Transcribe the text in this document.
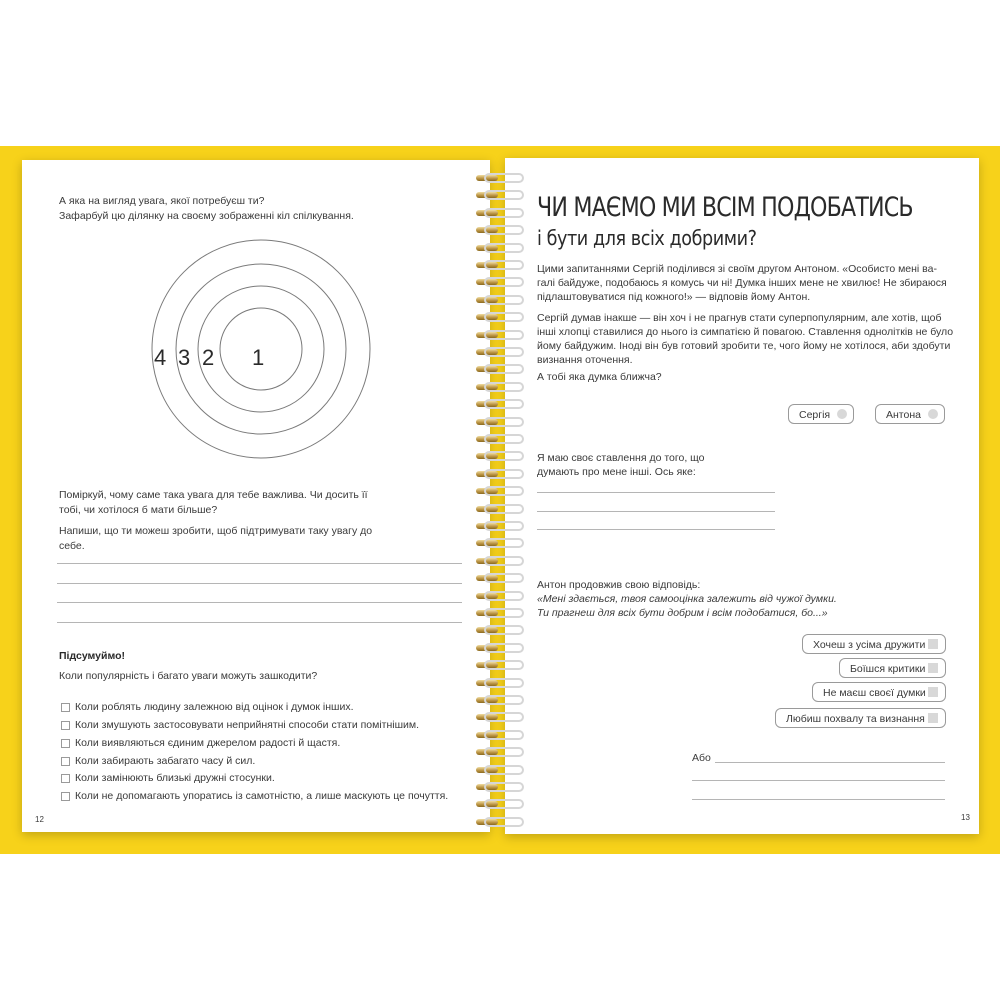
А яка на вигляд увага, якої потребуєш ти?
Зафарбуй цю ділянку на своєму зображенні кіл спілкування.
4 3 2 1
Поміркуй, чому саме така увага для тебе важлива. Чи досить її
тобі, чи хотілося б мати більше?
Напиши, що ти можеш зробити, щоб підтримувати таку увагу до
себе.
Підсумуймо!
Коли популярність і багато уваги можуть зашкодити?
Коли роблять людину залежною від оцінок і думок інших.
Коли змушують застосовувати неприйнятні способи стати помітнішим.
Коли виявляються єдиним джерелом радості й щастя.
Коли забирають забагато часу й сил.
Коли замінюють близькі дружні стосунки.
Коли не допомагають упоратись із самотністю, а лише маскують це почуття.
12
ЧИ МАЄМО МИ ВСІМ ПОДОБАТИСЬ
і бути для всіх добрими?
Цими запитаннями Сергій поділився зі своїм другом Антоном. «Особисто мені ва-
галі байдуже, подобаюсь я комусь чи ні! Думка інших мене не хвилює! Не збираюся
підлаштовуватися під кожного!» — відповів йому Антон.
Сергій думав інакше — він хоч і не прагнув стати суперпопулярним, але хотів, щоб
інші хлопці ставилися до нього із симпатією й повагою. Ставлення однолітків не було
йому байдужим. Іноді він був готовий зробити те, чого йому не хотілося, аби здобути
визнання оточення.
А тобі яка думка ближча?
Сергія	Антона
Я маю своє ставлення до того, що
думають про мене інші. Ось яке:
Антон продовжив свою відповідь:
«Мені здається, твоя самооцінка залежить від чужої думки.
Ти прагнеш для всіх бути добрим і всім подобатися, бо...»
Хочеш з усіма дружити
Боїшся критики
Не маєш своєї думки
Любиш похвалу та визнання
Або
13
